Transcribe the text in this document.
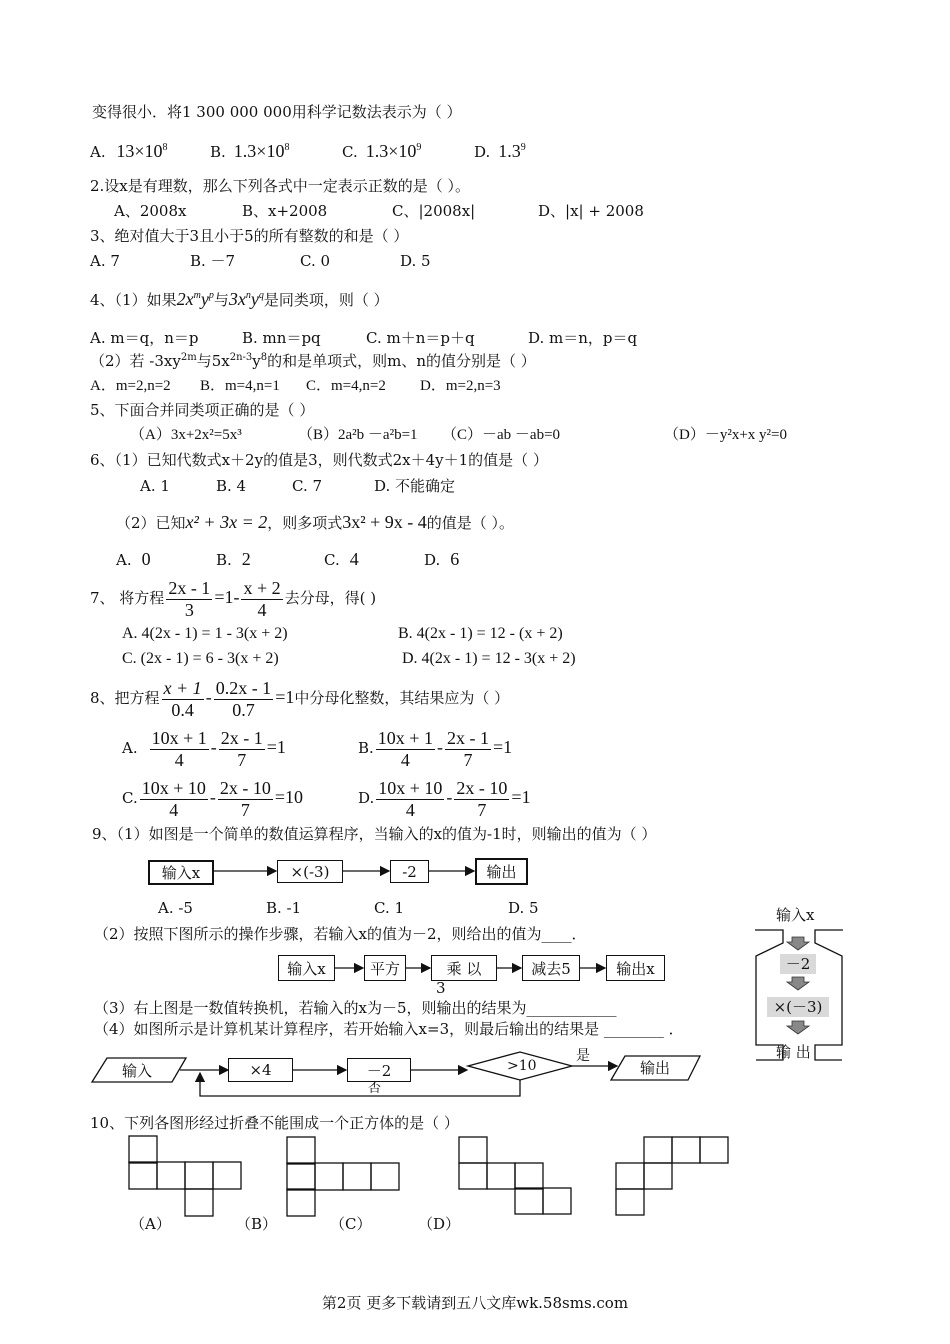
变得很小．将1 300 000 000用科学记数法表示为（ ）
A. $13\times 10^8$	B. $1.3\times 10^8$	C. $1.3\times 10^9$	D. $1.3^9$
2.设x是有理数，那么下列各式中一定表示正数的是（ ）。
A、2008x	B、x+2008	C、|2008x|	D、|x| + 2008
3、绝对值大于3且小于5的所有整数的和是（ ）
A. 7	B. －7	C. 0	D. 5
4、（1）如果$2x^my^p$与$3x^ny^q$是同类项，则（ ）
A. m＝q，n＝p	B. mn＝pq	C. m＋n＝p＋q	D. m＝n，p＝q
（2）若 $-3xy^{2m}$与$5x^{2n-3}y^8$的和是单项式，则m、n的值分别是（ ）
A．m=2,n=2 B．m=4,n=1 C．m=4,n=2 D．m=2,n=3
5、下面合并同类项正确的是（ ）
（A）3x+2x²=5x³	（B）2a²b －a²b=1 （C）－ab －ab=0	（D）－y²x+x y²=0
6、（1）已知代数式x＋2y的值是3，则代数式2x＋4y＋1的值是（ ）
A. 1	B. 4	C. 7	D. 不能确定
（2）已知x² + 3x = 2，则多项式3x² + 9x - 4的值是（ ）。
A. 0	B. 2	C. 4	D. 6
7、 将方程 $\frac{2x - 1}{3} =1- \frac{x + 2}{4}$ 去分母，得( )
A. 4(2x - 1) = 1 - 3(x + 2)	B. 4(2x - 1) = 12 - (x + 2)
C. (2x - 1) = 6 - 3(x + 2)	D. 4(2x - 1) = 12 - 3(x + 2)
8、把方程 $\frac{x + 1}{0.4} - \frac{0.2x - 1}{0.7} =1$中分母化整数，其结果应为（ ）
A. $\frac{10x + 1}{4} - \frac{2x - 1}{7} =1$	B. $\frac{10x + 1}{4} - \frac{2x - 1}{7} =1$
C. $\frac{10x + 10}{4} - \frac{2x - 10}{7} =10$	D. $\frac{10x + 10}{4} - \frac{2x - 10}{7} =1$
9、（1）如图是一个简单的数值运算程序，当输入的x的值为-1时，则输出的值为（ ）
输入x	×(-3)	-2	输出
A. -5	B. -1	C. 1	D. 5
（2）按照下图所示的操作步骤，若输入x的值为－2，则给出的值为____．
输入x	平方	乘 以
3
减去5	输出x
（3）右上图是一数值转换机，若输入的x为－5，则输出的结果为____________
（4）如图所示是计算机某计算程序，若开始输入x=3，则最后输出的结果是 ________ ．
输入	×4	－2	>10	输出
是
否
输入x
－2
×(－3)
输 出
10、下列各图形经过折叠不能围成一个正方体的是（ ）
（A）	（B）	（C）	（D）
第2页 更多下载请到五八文库wk.58sms.com
